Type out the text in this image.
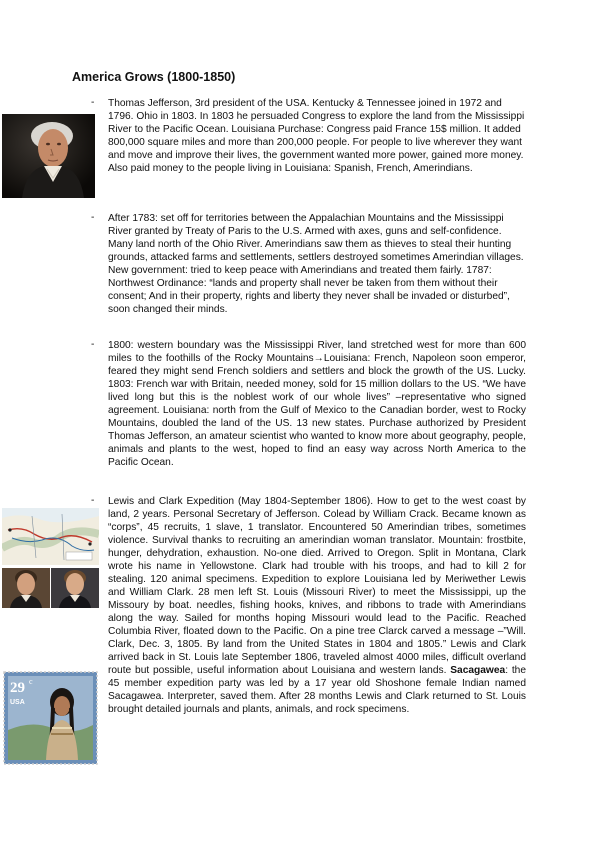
America Grows (1800-1850)
- Thomas Jefferson, 3rd president of the USA. Kentucky & Tennessee joined in 1972 and 1796. Ohio in 1803. In 1803 he persuaded Congress to explore the land from the Mississippi River to the Pacific Ocean. Louisiana Purchase: Congress paid France 15$ million. It added 800,000 square miles and more than 200,000 people. For people to live wherever they want and move and improve their lives, the government wanted more power, gained more money. Also paid money to the people living in Louisiana: Spanish, French, Amerindians.
- After 1783: set off for territories between the Appalachian Mountains and the Mississippi River granted by Treaty of Paris to the U.S. Armed with axes, guns and self-confidence. Many land north of the Ohio River. Amerindians saw them as thieves to steal their hunting grounds, attacked farms and settlements, settlers destroyed sometimes Amerindian villages. New government: tried to keep peace with Amerindians and treated them fairly. 1787: Northwest Ordinance: “lands and property shall never be taken from them without their consent; And in their property, rights and liberty they never shall be invaded or disturbed”, soon changed their minds.
- 1800: western boundary was the Mississippi River, land stretched west for more than 600 miles to the foothills of the Rocky Mountains→Louisiana: French, Napoleon soon emperor, feared they might send French soldiers and settlers and block the growth of the US. Lucky. 1803: French war with Britain, needed money, sold for 15 million dollars to the US. “We have lived long but this is the noblest work of our whole lives” –representative who signed agreement. Louisiana: north from the Gulf of Mexico to the Canadian border, west to Rocky Mountains, doubled the land of the US. 13 new states. Purchase authorized by President Thomas Jefferson, an amateur scientist who wanted to know more about geography, people, animals and plants to the west, hoped to find an easy way across North America to the Pacific Ocean.
- Lewis and Clark Expedition (May 1804-September 1806). How to get to the west coast by land, 2 years. Personal Secretary of Jefferson. Colead by William Crack. Became known as “corps”, 45 recruits, 1 slave, 1 translator. Encountered 50 Amerindian tribes, sometimes violence. Survival thanks to recruiting an amerindian woman translator. Mountain: frostbite, hunger, dehydration, exhaustion. No-one died. Arrived to Oregon. Split in Montana, Clark wrote his name in Yellowstone. Clark had trouble with his troops, and had to kill 2 for stealing. 120 animal specimens. Expedition to explore Louisiana led by Meriwether Lewis and William Clark. 28 men left St. Louis (Missouri River) to meet the Mississippi, up the Missoury by boat. needles, fishing hooks, knives, and ribbons to trade with Amerindians along the way. Sailed for months hoping Missouri would lead to the Pacific. Reached Columbia River, floated down to the Pacific. On a pine tree Clarck carved a message –”Will. Clark, Dec. 3, 1805. By land from the United States in 1804 and 1805.” Lewis and Clark arrived back in St. Louis late September 1806, traveled almost 4000 miles, difficult overland route but possible, useful information about Louisiana and western lands. Sacagawea: the 45 member expedition party was led by a 17 year old Shoshone female Indian named Sacagawea. Interpreter, saved them. After 28 months Lewis and Clark returned to St. Louis brought detailed journals and plants, animals, and rock specimens.
29 c
USA
